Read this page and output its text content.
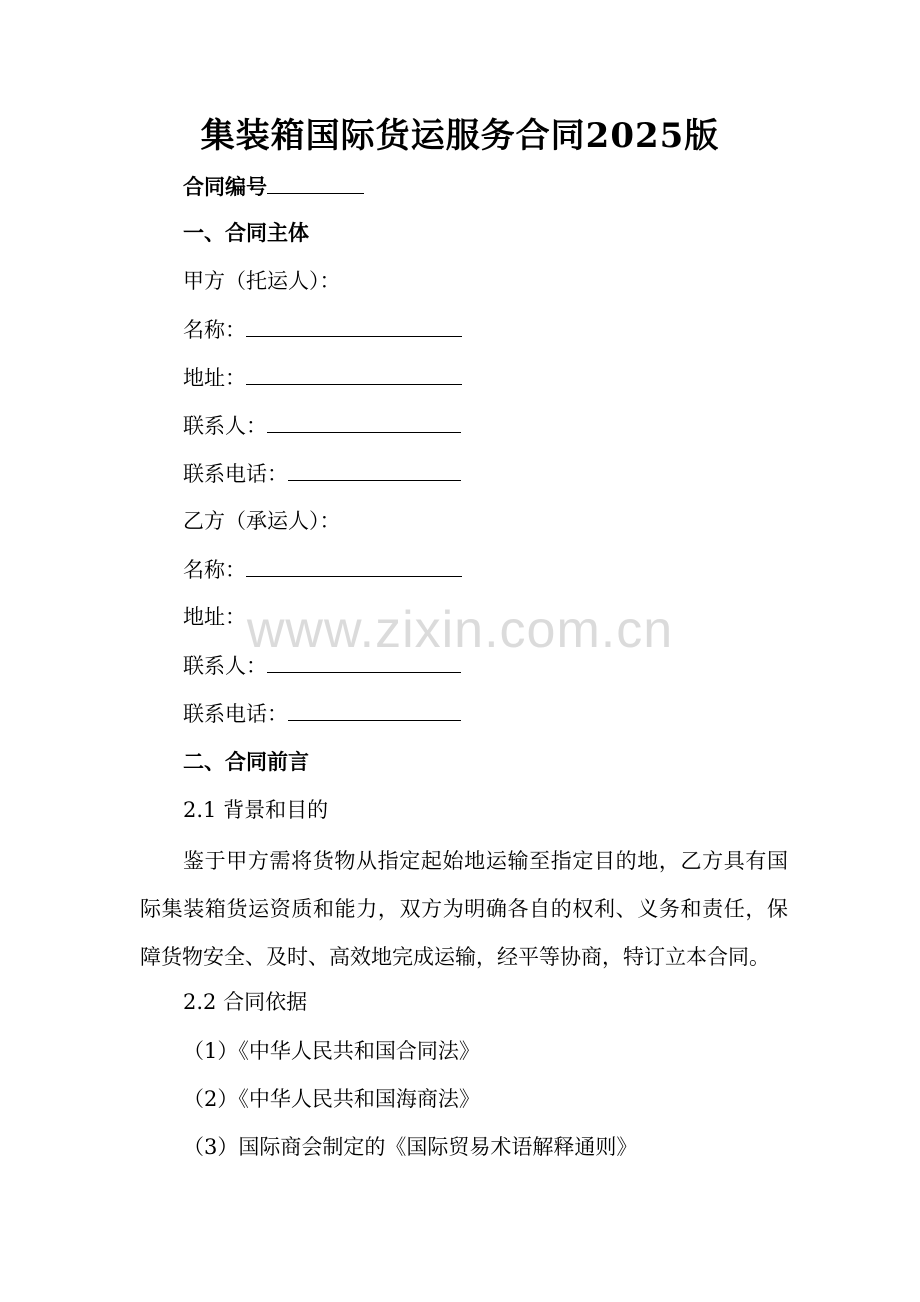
集装箱国际货运服务合同2025版
合同编号
一、合同主体
甲方（托运人）：
名称：
地址：
联系人：
联系电话：
乙方（承运人）：
名称：
地址：
联系人：
联系电话：
二、合同前言
2.1 背景和目的
鉴于甲方需将货物从指定起始地运输至指定目的地，乙方具有国际集装箱货运资质和能力，双方为明确各自的权利、义务和责任，保障货物安全、及时、高效地完成运输，经平等协商，特订立本合同。
2.2 合同依据
（1）《中华人民共和国合同法》
（2）《中华人民共和国海商法》
（3）国际商会制定的《国际贸易术语解释通则》
www.zixin.com.cn
